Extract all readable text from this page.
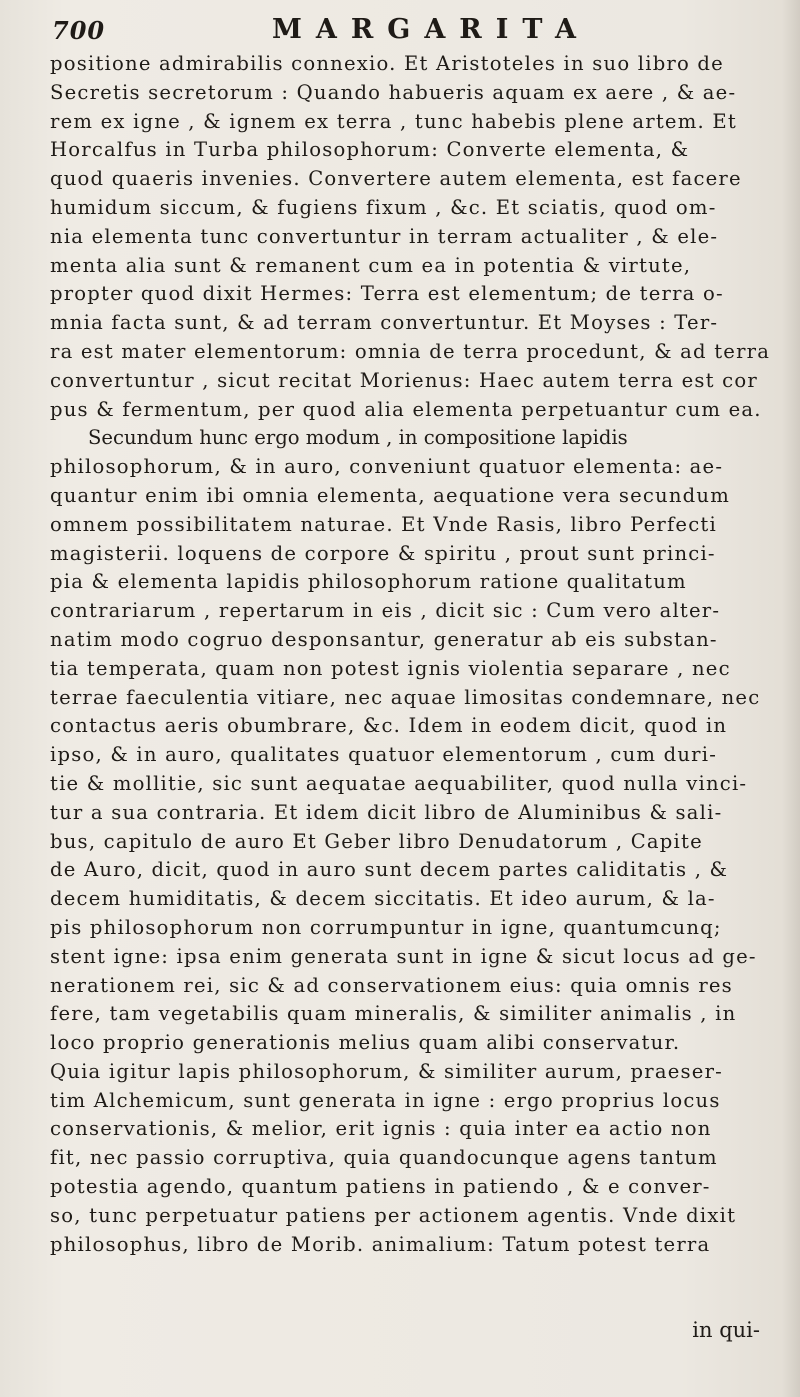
700	MARGARITA
positione admirabilis connexio. Et Aristoteles in suo libro de
Secretis secretorum : Quando habueris aquam ex aere , & ae-
rem ex igne , & ignem ex terra , tunc habebis plene artem. Et
Horcalfus in Turba philosophorum: Converte elementa, &
quod quaeris invenies. Convertere autem elementa, est facere
humidum siccum, & fugiens fixum , &c. Et sciatis, quod om-
nia elementa tunc convertuntur in terram actualiter , & ele-
menta alia sunt & remanent cum ea in potentia & virtute,
propter quod dixit Hermes: Terra est elementum; de terra o-
mnia facta sunt, & ad terram convertuntur. Et Moyses : Ter-
ra est mater elementorum: omnia de terra procedunt, & ad terra
convertuntur , sicut recitat Morienus: Haec autem terra est cor
pus & fermentum, per quod alia elementa perpetuantur cum ea.
Secundum hunc ergo modum , in compositione lapidis
philosophorum, & in auro, conveniunt quatuor elementa: ae-
quantur enim ibi omnia elementa, aequatione vera secundum
omnem possibilitatem naturae. Et Vnde Rasis, libro Perfecti
magisterii. loquens de corpore & spiritu , prout sunt princi-
pia & elementa lapidis philosophorum ratione qualitatum
contrariarum , repertarum in eis , dicit sic : Cum vero alter-
natim modo cogruo desponsantur, generatur ab eis substan-
tia temperata, quam non potest ignis violentia separare , nec
terrae faeculentia vitiare, nec aquae limositas condemnare, nec
contactus aeris obumbrare, &c. Idem in eodem dicit, quod in
ipso, & in auro, qualitates quatuor elementorum , cum duri-
tie & mollitie, sic sunt aequatae aequabiliter, quod nulla vinci-
tur a sua contraria. Et idem dicit libro de Aluminibus & sali-
bus, capitulo de auro Et Geber libro Denudatorum , Capite
de Auro, dicit, quod in auro sunt decem partes caliditatis , &
decem humiditatis, & decem siccitatis. Et ideo aurum, & la-
pis philosophorum non corrumpuntur in igne, quantumcunq;
stent igne: ipsa enim generata sunt in igne & sicut locus ad ge-
nerationem rei, sic & ad conservationem eius: quia omnis res
fere, tam vegetabilis quam mineralis, & similiter animalis , in
loco proprio generationis melius quam alibi conservatur.
Quia igitur lapis philosophorum, & similiter aurum, praeser-
tim Alchemicum, sunt generata in igne : ergo proprius locus
conservationis, & melior, erit ignis : quia inter ea actio non
fit, nec passio corruptiva, quia quandocunque agens tantum
potestia agendo, quantum patiens in patiendo , & e conver-
so, tunc perpetuatur patiens per actionem agentis. Vnde dixit
philosophus, libro de Morib. animalium: Tatum potest terra
in qui-
